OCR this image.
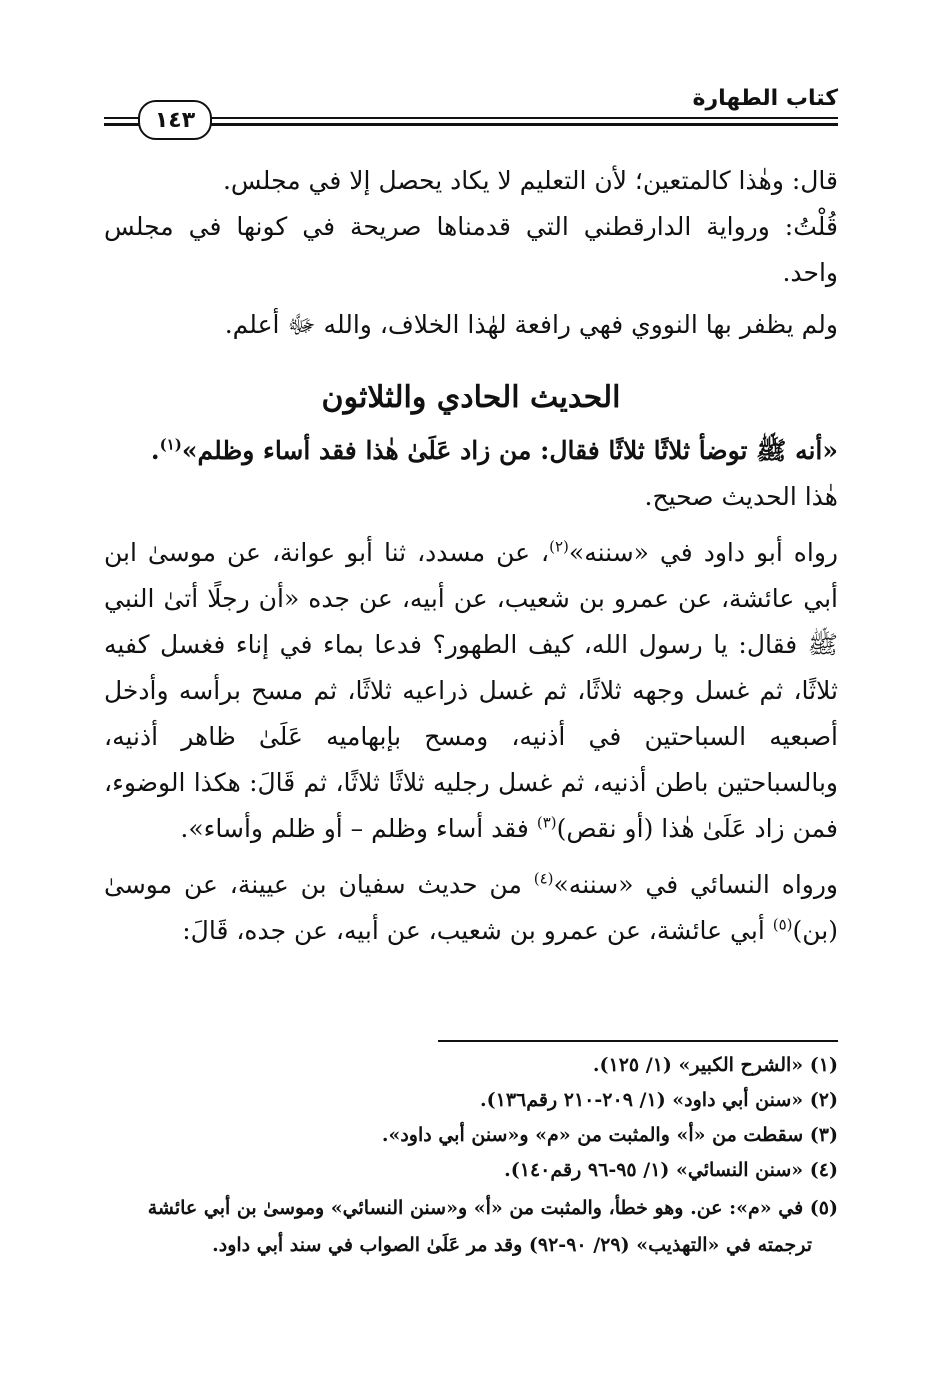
كتاب الطهارة
١٤٣

قال: وهٰذا كالمتعين؛ لأن التعليم لا يكاد يحصل إلا في مجلس.

قُلْتُ: ورواية الدارقطني التي قدمناها صريحة في كونها في مجلس واحد.

ولم يظفر بها النووي فهي رافعة لهٰذا الخلاف، والله ﷻ أعلم.

الحديث الحادي والثلاثون

«أنه ﷺ توضأ ثلاثًا ثلاثًا فقال: من زاد عَلَىٰ هٰذا فقد أساء وظلم»$^{(١)}$.

هٰذا الحديث صحيح.

رواه أبو داود في «سننه»$^{(٢)}$، عن مسدد، ثنا أبو عوانة، عن موسىٰ ابن أبي عائشة، عن عمرو بن شعيب، عن أبيه، عن جده «أن رجلًا أتىٰ النبي ﷺ فقال: يا رسول الله، كيف الطهور؟ فدعا بماء في إناء فغسل كفيه ثلاثًا، ثم غسل وجهه ثلاثًا، ثم غسل ذراعيه ثلاثًا، ثم مسح برأسه وأدخل أصبعيه السباحتين في أذنيه، ومسح بإبهاميه عَلَىٰ ظاهر أذنيه، وبالسباحتين باطن أذنيه، ثم غسل رجليه ثلاثًا ثلاثًا، ثم قَالَ: هكذا الوضوء، فمن زاد عَلَىٰ هٰذا (أو نقص)$^{(٣)}$ فقد أساء وظلم – أو ظلم وأساء».

ورواه النسائي في «سننه»$^{(٤)}$ من حديث سفيان بن عيينة، عن موسىٰ (بن)$^{(٥)}$ أبي عائشة، عن عمرو بن شعيب، عن أبيه، عن جده، قَالَ:

(١) «الشرح الكبير» (١/ ١٢٥).

(٢) «سنن أبي داود» (١/ ٢٠٩-٢١٠ رقم١٣٦).

(٣) سقطت من «أ» والمثبت من «م» و«سنن أبي داود».

(٤) «سنن النسائي» (١/ ٩٥-٩٦ رقم١٤٠).

(٥) في «م»: عن. وهو خطأ، والمثبت من «أ» و«سنن النسائي» وموسىٰ بن أبي عائشة

ترجمته في «التهذيب» (٢٩/ ٩٠-٩٢) وقد مر عَلَىٰ الصواب في سند أبي داود.
